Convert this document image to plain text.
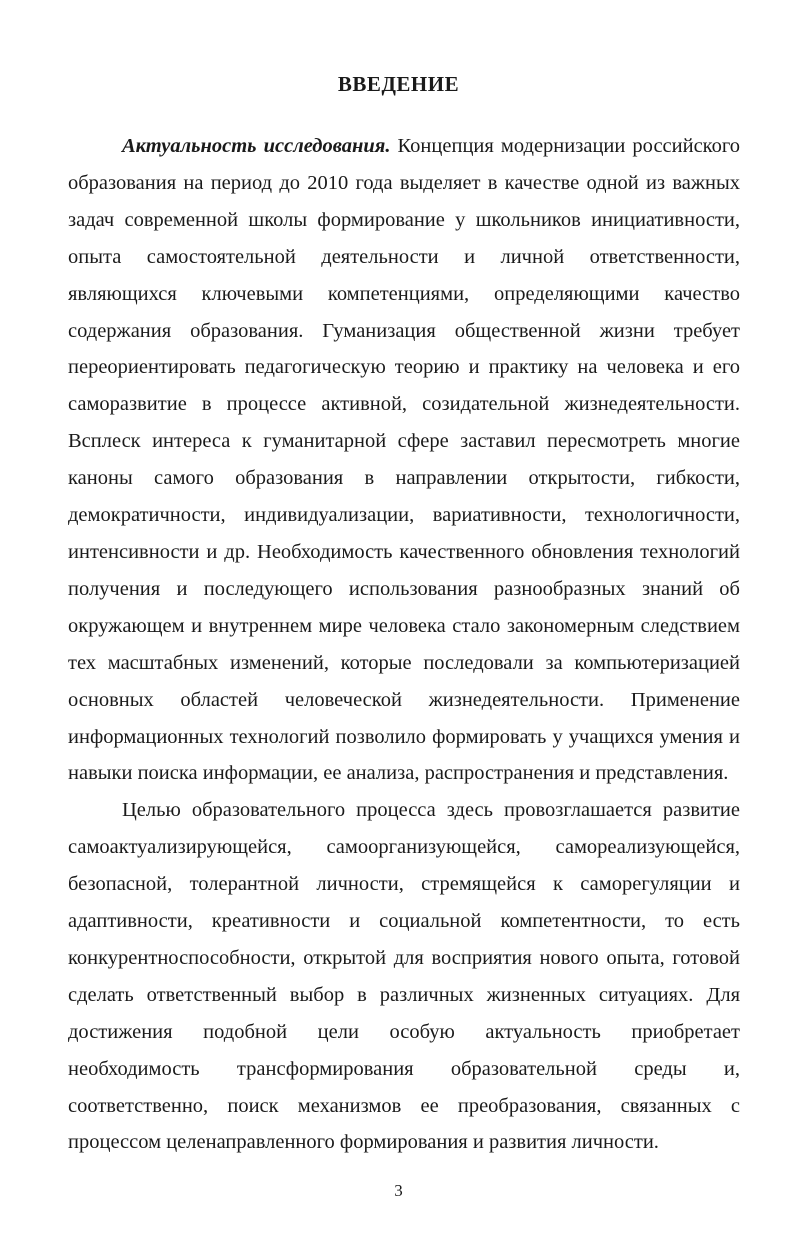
ВВЕДЕНИЕ

Актуальность исследования. Концепция модернизации российского образования на период до 2010 года выделяет в качестве одной из важных задач современной школы формирование у школьников инициативности, опыта самостоятельной деятельности и личной ответственности, являющихся ключевыми компетенциями, определяющими качество содержания образования. Гуманизация общественной жизни требует переориентировать педагогическую теорию и практику на человека и его саморазвитие в процессе активной, созидательной жизнедеятельности. Всплеск интереса к гуманитарной сфере заставил пересмотреть многие каноны самого образования в направлении открытости, гибкости, демократичности, индивидуализации, вариативности, технологичности, интенсивности и др. Необходимость качественного обновления технологий получения и последующего использования разнообразных знаний об окружающем и внутреннем мире человека стало закономерным следствием тех масштабных изменений, которые последовали за компьютеризацией основных областей человеческой жизнедеятельности. Применение информационных технологий позволило формировать у учащихся умения и навыки поиска информации, ее анализа, распространения и представления.

Целью образовательного процесса здесь провозглашается развитие самоактуализирующейся, самоорганизующейся, самореализующейся, безопасной, толерантной личности, стремящейся к саморегуляции и адаптивности, креативности и социальной компетентности, то есть конкурентноспособности, открытой для восприятия нового опыта, готовой сделать ответственный выбор в различных жизненных ситуациях. Для достижения подобной цели особую актуальность приобретает необходимость трансформирования образовательной среды и, соответственно, поиск механизмов ее преобразования, связанных с процессом целенаправленного формирования и развития личности.

3
